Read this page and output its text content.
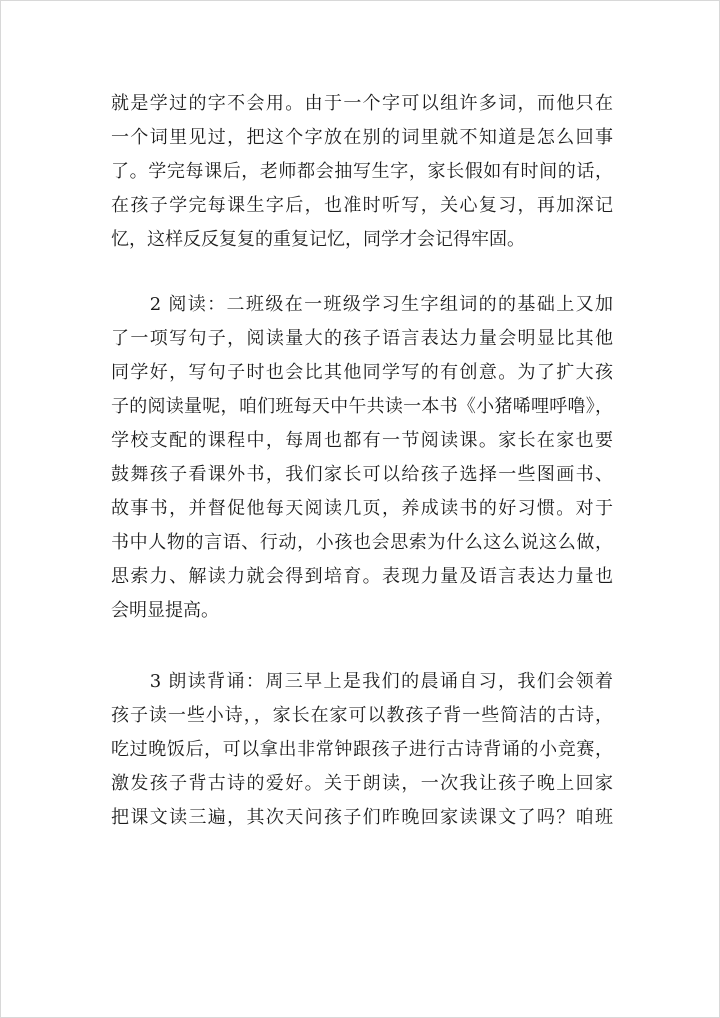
就是学过的字不会用。由于一个字可以组许多词，而他只在
一个词里见过，把这个字放在别的词里就不知道是怎么回事
了。学完每课后，老师都会抽写生字，家长假如有时间的话，
在孩子学完每课生字后，也准时听写，关心复习，再加深记
忆，这样反反复复的重复记忆，同学才会记得牢固。
　　2 阅读：二班级在一班级学习生字组词的的基础上又加
了一项写句子，阅读量大的孩子语言表达力量会明显比其他
同学好，写句子时也会比其他同学写的有创意。为了扩大孩
子的阅读量呢，咱们班每天中午共读一本书《小猪唏哩呼噜》，
学校支配的课程中，每周也都有一节阅读课。家长在家也要
鼓舞孩子看课外书，我们家长可以给孩子选择一些图画书、
故事书，并督促他每天阅读几页，养成读书的好习惯。对于
书中人物的言语、行动，小孩也会思索为什么这么说这么做，
思索力、解读力就会得到培育。表现力量及语言表达力量也
会明显提高。
　　3 朗读背诵：周三早上是我们的晨诵自习，我们会领着
孩子读一些小诗，，家长在家可以教孩子背一些简洁的古诗，
吃过晚饭后，可以拿出非常钟跟孩子进行古诗背诵的小竞赛，
激发孩子背古诗的爱好。关于朗读，一次我让孩子晚上回家
把课文读三遍，其次天问孩子们昨晚回家读课文了吗？咱班
